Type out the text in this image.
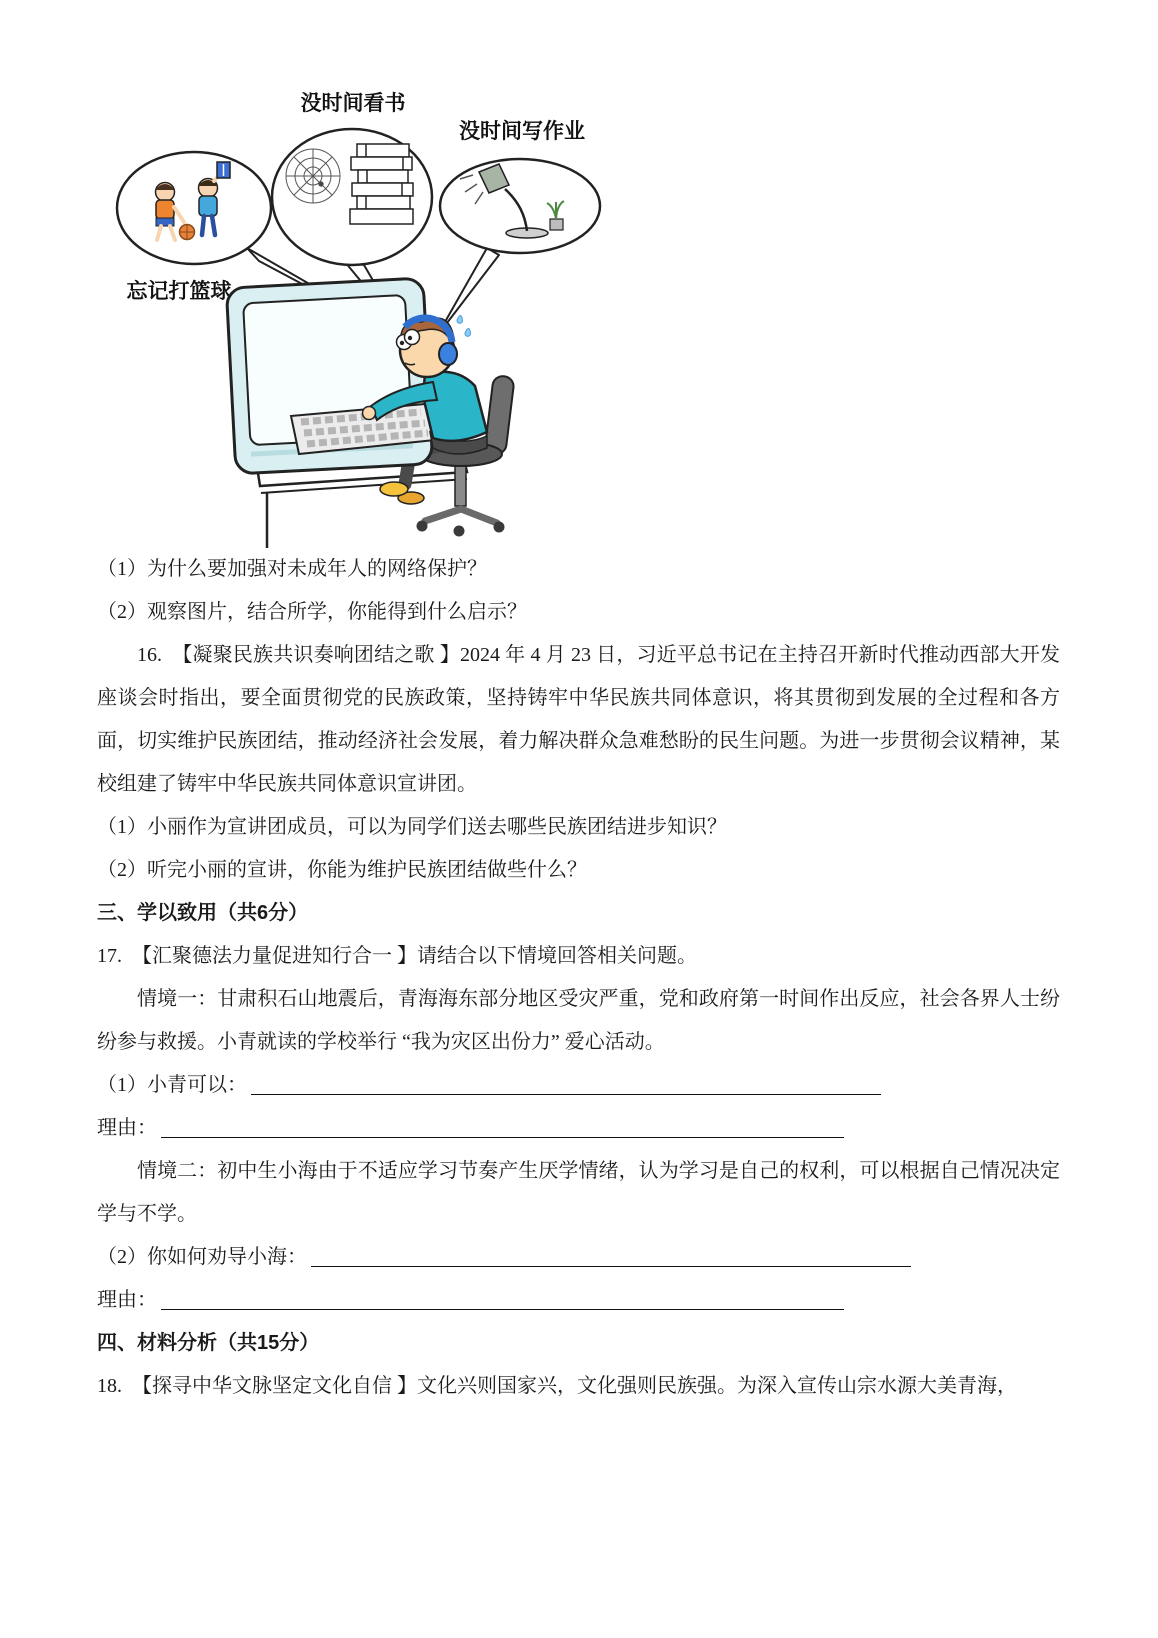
没时间看书
没时间写作业
忘记打篮球

（1）为什么要加强对未成年人的网络保护？

（2）观察图片，结合所学，你能得到什么启示？

16.　【凝聚民族共识奏响团结之歌 】2024 年 4 月 23 日，习近平总书记在主持召开新时代推动西部大开发座谈会时指出，要全面贯彻党的民族政策，坚持铸牢中华民族共同体意识，将其贯彻到发展的全过程和各方面，切实维护民族团结，推动经济社会发展，着力解决群众急难愁盼的民生问题。为进一步贯彻会议精神，某校组建了铸牢中华民族共同体意识宣讲团。

（1）小丽作为宣讲团成员，可以为同学们送去哪些民族团结进步知识？

（2）听完小丽的宣讲，你能为维护民族团结做些什么？

三、学以致用（共6分）

17.　【汇聚德法力量促进知行合一 】请结合以下情境回答相关问题。

情境一：甘肃积石山地震后，青海海东部分地区受灾严重，党和政府第一时间作出反应，社会各界人士纷纷参与救援。小青就读的学校举行 “我为灾区出份力” 爱心活动。

（1）小青可以：

理由：

情境二：初中生小海由于不适应学习节奏产生厌学情绪，认为学习是自己的权利，可以根据自己情况决定学与不学。

（2）你如何劝导小海：

理由：

四、材料分析（共15分）

18.　【探寻中华文脉坚定文化自信 】文化兴则国家兴，文化强则民族强。为深入宣传山宗水源大美青海，
